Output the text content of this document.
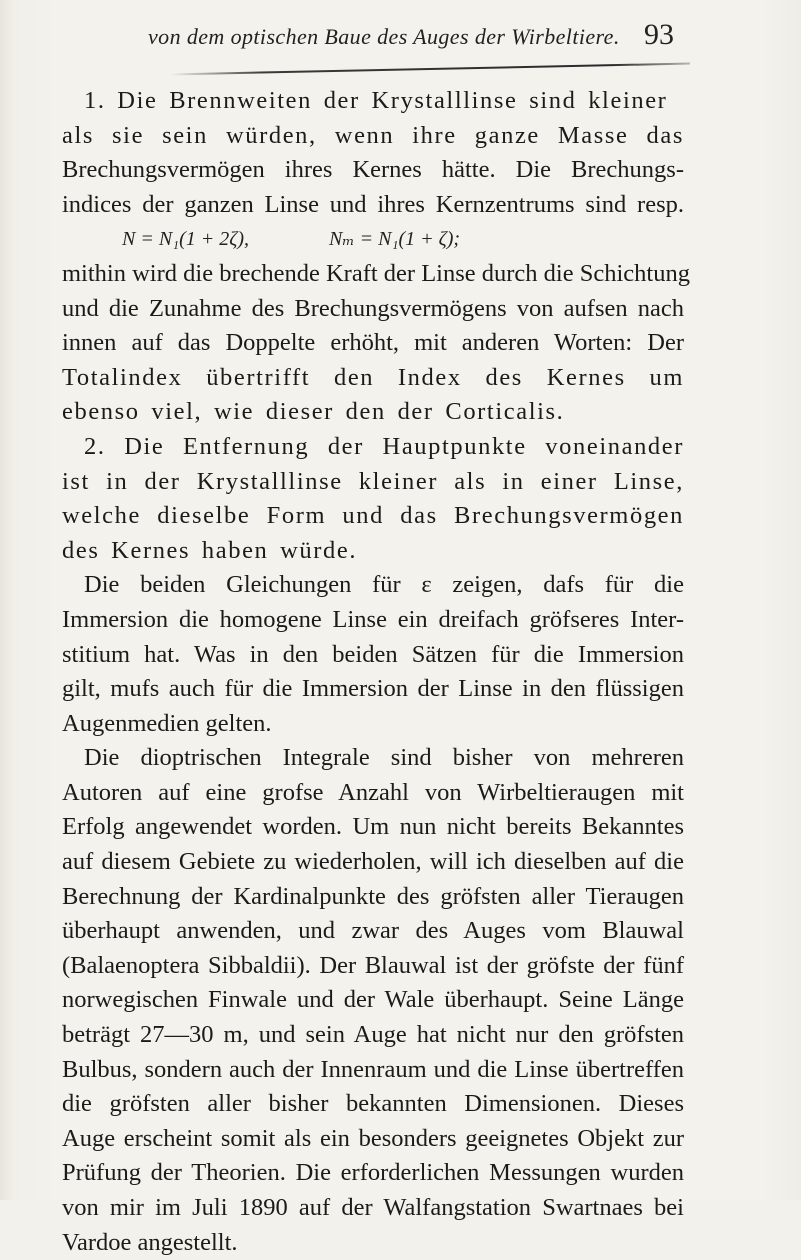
von dem optischen Baue des Auges der Wirbeltiere. 93
1. Die Brennweiten der Krystalllinse sind kleiner
als sie sein würden, wenn ihre ganze Masse das
Brechungsvermögen ihres Kernes hätte. Die Brechungs-
indices der ganzen Linse und ihres Kernzentrums sind resp.
N = N₁(1 + 2ζ),	Nₘ = N₁(1 + ζ);
mithin wird die brechende Kraft der Linse durch die Schichtung
und die Zunahme des Brechungsvermögens von aufsen nach
innen auf das Doppelte erhöht, mit anderen Worten: Der
Totalindex übertrifft den Index des Kernes um
ebenso viel, wie dieser den der Corticalis.
2. Die Entfernung der Hauptpunkte voneinander
ist in der Krystalllinse kleiner als in einer Linse,
welche dieselbe Form und das Brechungsvermögen
des Kernes haben würde.
Die beiden Gleichungen für ε zeigen, dafs für die
Immersion die homogene Linse ein dreifach gröfseres Inter-
stitium hat. Was in den beiden Sätzen für die Immersion
gilt, mufs auch für die Immersion der Linse in den flüssigen
Augenmedien gelten.
Die dioptrischen Integrale sind bisher von mehreren
Autoren auf eine grofse Anzahl von Wirbeltieraugen mit
Erfolg angewendet worden. Um nun nicht bereits Bekanntes
auf diesem Gebiete zu wiederholen, will ich dieselben auf die
Berechnung der Kardinalpunkte des gröfsten aller Tieraugen
überhaupt anwenden, und zwar des Auges vom Blauwal
(Balaenoptera Sibbaldii). Der Blauwal ist der gröfste der fünf
norwegischen Finwale und der Wale überhaupt. Seine Länge
beträgt 27—30 m, und sein Auge hat nicht nur den gröfsten
Bulbus, sondern auch der Innenraum und die Linse übertreffen
die gröfsten aller bisher bekannten Dimensionen. Dieses
Auge erscheint somit als ein besonders geeignetes Objekt zur
Prüfung der Theorien. Die erforderlichen Messungen wurden
von mir im Juli 1890 auf der Walfangstation Swartnaes bei
Vardoe angestellt.
